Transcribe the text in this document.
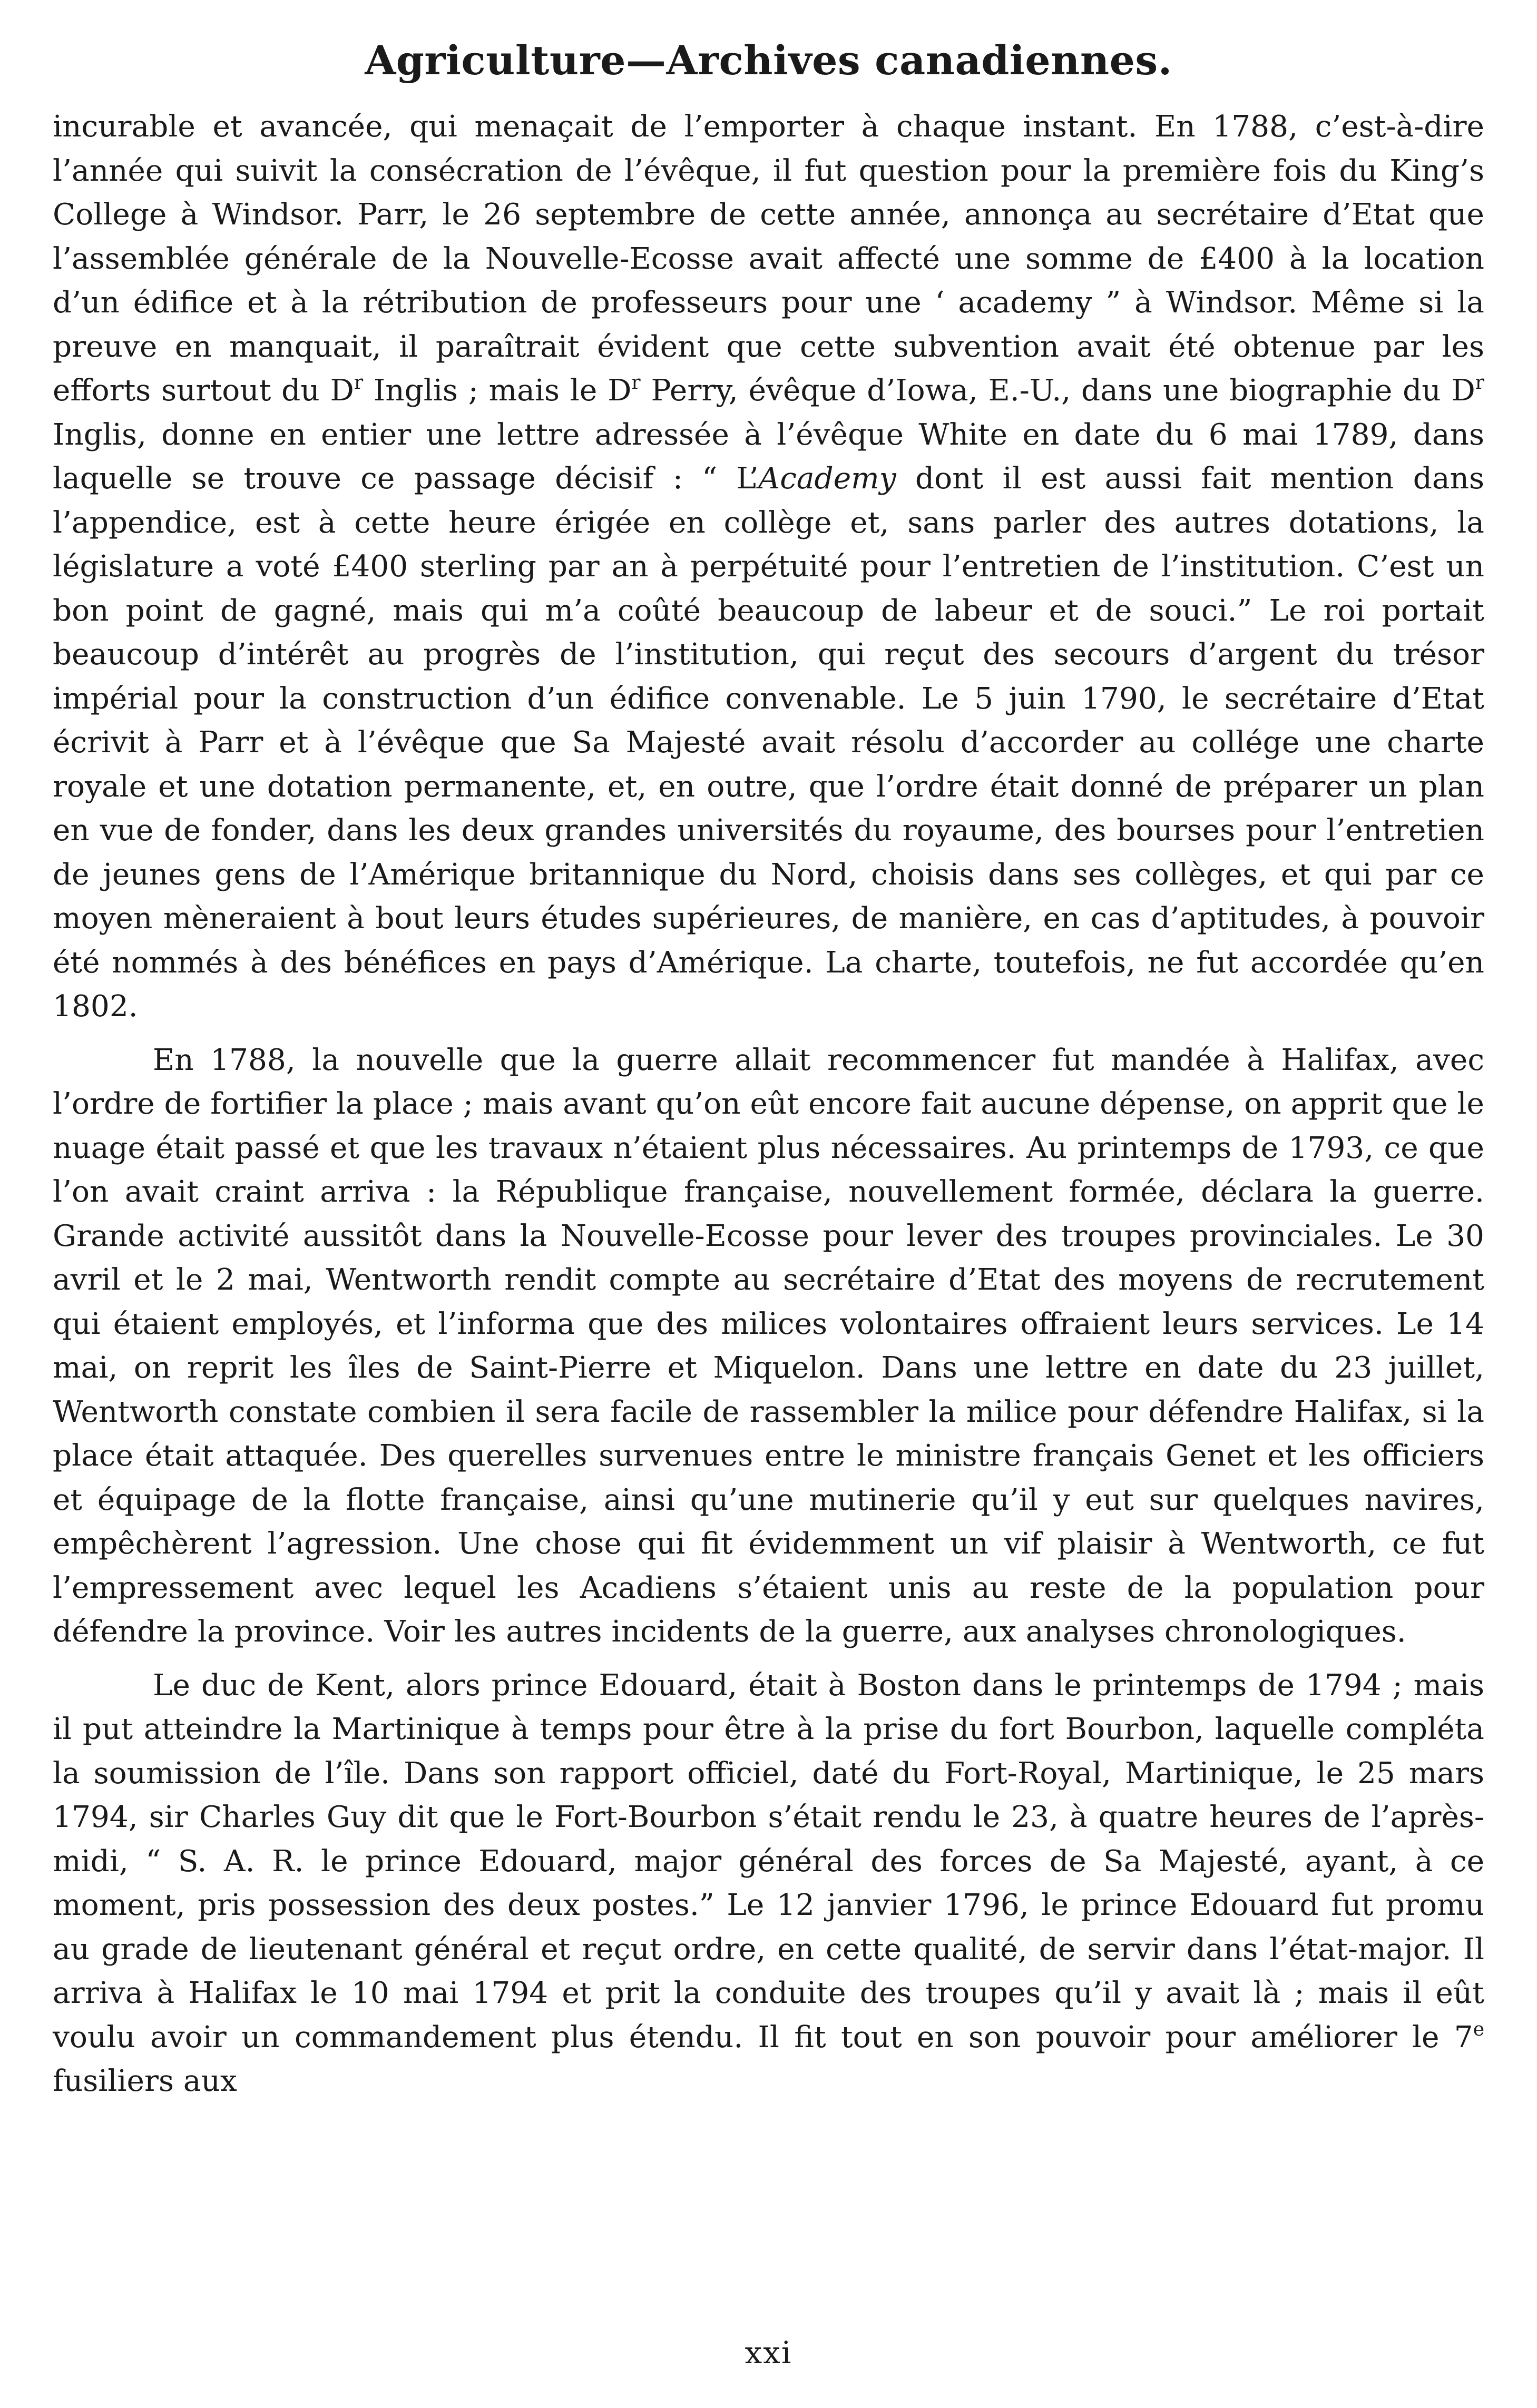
Agriculture—Archives canadiennes.

incurable et avancée, qui menaçait de l’emporter à chaque instant. En 1788, c’est-à-dire l’année qui suivit la consécration de l’évêque, il fut question pour la première fois du King’s College à Windsor. Parr, le 26 septembre de cette année, annonça au secrétaire d’Etat que l’assemblée générale de la Nouvelle-Ecosse avait affecté une somme de £400 à la location d’un édifice et à la rétribution de professeurs pour une ‘ academy ” à Windsor. Même si la preuve en manquait, il paraîtrait évident que cette subvention avait été obtenue par les efforts surtout du $D^r$ Inglis ; mais le $D^r$ Perry, évêque d’Iowa, E.-U., dans une biographie du $D^r$ Inglis, donne en entier une lettre adressée à l’évêque White en date du 6 mai 1789, dans laquelle se trouve ce passage décisif : “ L’Academy dont il est aussi fait mention dans l’appendice, est à cette heure érigée en collège et, sans parler des autres dotations, la législature a voté £400 sterling par an à perpétuité pour l’entretien de l’institution. C’est un bon point de gagné, mais qui m’a coûté beaucoup de labeur et de souci.” Le roi portait beaucoup d’intérêt au progrès de l’institution, qui reçut des secours d’argent du trésor impérial pour la construction d’un édifice convenable. Le 5 juin 1790, le secrétaire d’Etat écrivit à Parr et à l’évêque que Sa Majesté avait résolu d’accorder au collége une charte royale et une dotation permanente, et, en outre, que l’ordre était donné de préparer un plan en vue de fonder, dans les deux grandes universités du royaume, des bourses pour l’entretien de jeunes gens de l’Amérique britannique du Nord, choisis dans ses collèges, et qui par ce moyen mèneraient à bout leurs études supérieures, de manière, en cas d’aptitudes, à pouvoir été nommés à des bénéfices en pays d’Amérique. La charte, toutefois, ne fut accordée qu’en 1802.

En 1788, la nouvelle que la guerre allait recommencer fut mandée à Halifax, avec l’ordre de fortifier la place ; mais avant qu’on eût encore fait aucune dépense, on apprit que le nuage était passé et que les travaux n’étaient plus nécessaires. Au printemps de 1793, ce que l’on avait craint arriva : la République française, nouvellement formée, déclara la guerre. Grande activité aussitôt dans la Nouvelle-Ecosse pour lever des troupes provinciales. Le 30 avril et le 2 mai, Wentworth rendit compte au secrétaire d’Etat des moyens de recrutement qui étaient employés, et l’informa que des milices volontaires offraient leurs services. Le 14 mai, on reprit les îles de Saint-Pierre et Miquelon. Dans une lettre en date du 23 juillet, Wentworth constate combien il sera facile de rassembler la milice pour défendre Halifax, si la place était attaquée. Des querelles survenues entre le ministre français Genet et les officiers et équipage de la flotte française, ainsi qu’une mutinerie qu’il y eut sur quelques navires, empêchèrent l’agression. Une chose qui fit évidemment un vif plaisir à Wentworth, ce fut l’empressement avec lequel les Acadiens s’étaient unis au reste de la population pour défendre la province. Voir les autres incidents de la guerre, aux analyses chronologiques.

Le duc de Kent, alors prince Edouard, était à Boston dans le printemps de 1794 ; mais il put atteindre la Martinique à temps pour être à la prise du fort Bourbon, laquelle compléta la soumission de l’île. Dans son rapport officiel, daté du Fort-Royal, Martinique, le 25 mars 1794, sir Charles Guy dit que le Fort-Bourbon s’était rendu le 23, à quatre heures de l’après-midi, “ S. A. R. le prince Edouard, major général des forces de Sa Majesté, ayant, à ce moment, pris possession des deux postes.” Le 12 janvier 1796, le prince Edouard fut promu au grade de lieutenant général et reçut ordre, en cette qualité, de servir dans l’état-major. Il arriva à Halifax le 10 mai 1794 et prit la conduite des troupes qu’il y avait là ; mais il eût voulu avoir un commandement plus étendu. Il fit tout en son pouvoir pour améliorer le 7e fusiliers aux

xxi
